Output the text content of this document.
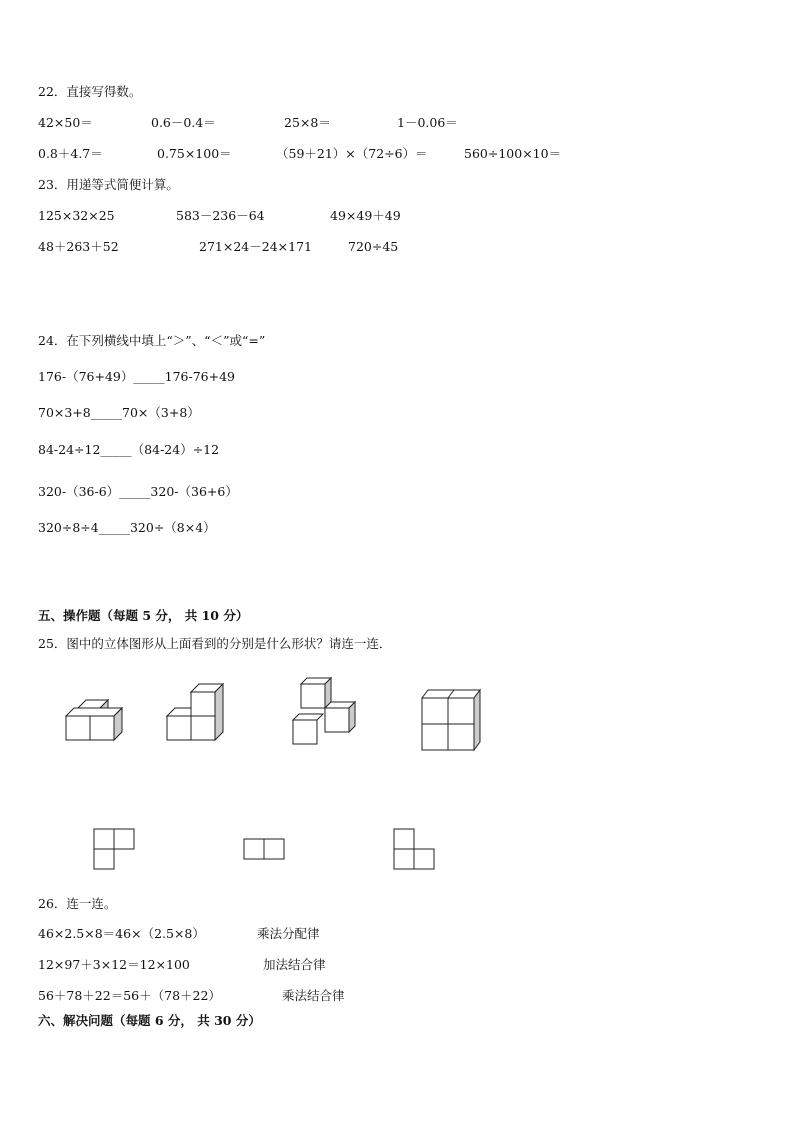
22．直接写得数。
42×50＝	0.6－0.4＝	25×8＝	1－0.06＝
0.8＋4.7＝	0.75×100＝	（59＋21）×（72÷6）＝	560÷100×10＝
23．用递等式简便计算。
125×32×25	583－236－64	49×49＋49
48＋263＋52	271×24－24×171	720÷45
24．在下列横线中填上“＞”、“＜”或“=”
176-（76+49）_____176-76+49
70×3+8_____70×（3+8）
84-24÷12_____（84-24）÷12
320-（36-6）_____320-（36+6）
320÷8÷4_____320÷（8×4）
五、操作题（每题 5 分， 共 10 分）
25．图中的立体图形从上面看到的分别是什么形状？请连一连．
26．连一连。
46×2.5×8＝46×（2.5×8）	乘法分配律
12×97＋3×12＝12×100	加法结合律
56＋78＋22＝56＋（78＋22）	乘法结合律
六、解决问题（每题 6 分， 共 30 分）
